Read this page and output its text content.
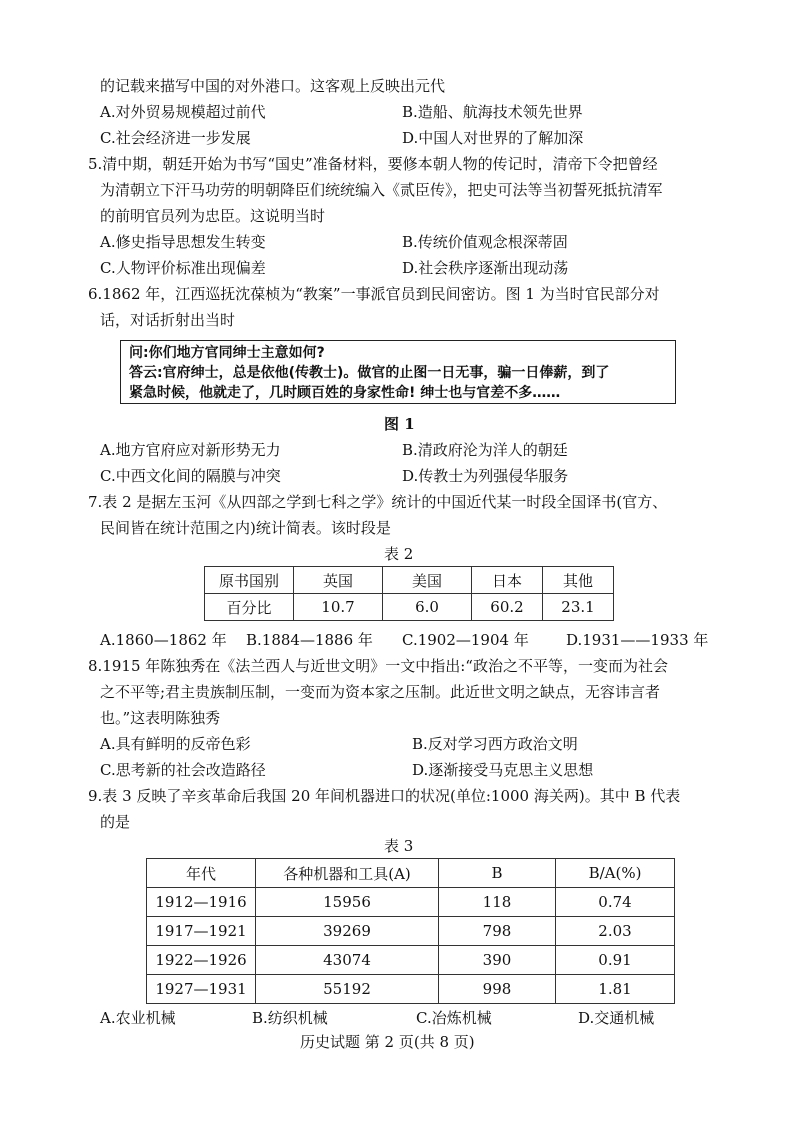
的记载来描写中国的对外港口。这客观上反映出元代
A.对外贸易规模超过前代	B.造船、航海技术领先世界
C.社会经济进一步发展	D.中国人对世界的了解加深
5.清中期，朝廷开始为书写“国史”准备材料，要修本朝人物的传记时，清帝下令把曾经
为清朝立下汗马功劳的明朝降臣们统统编入《贰臣传》，把史可法等当初誓死抵抗清军
的前明官员列为忠臣。这说明当时
A.修史指导思想发生转变	B.传统价值观念根深蒂固
C.人物评价标准出现偏差	D.社会秩序逐渐出现动荡
6.1862 年，江西巡抚沈葆桢为“教案”一事派官员到民间密访。图 1 为当时官民部分对
话，对话折射出当时
问:你们地方官同绅士主意如何?
答云:官府绅士，总是依他(传教士)。做官的止图一日无事，骗一日俸薪，到了
紧急时候，他就走了，几时顾百姓的身家性命! 绅士也与官差不多……
图 1
A.地方官府应对新形势无力	B.清政府沦为洋人的朝廷
C.中西文化间的隔膜与冲突	D.传教士为列强侵华服务
7.表 2 是据左玉河《从四部之学到七科之学》统计的中国近代某一时段全国译书(官方、
民间皆在统计范围之内)统计简表。该时段是
表 2
原书国别	英国	美国	日本	其他
百分比	10.7	6.0	60.2	23.1
A.1860—1862 年 B.1884—1886 年 C.1902—1904 年 D.1931——1933 年
8.1915 年陈独秀在《法兰西人与近世文明》一文中指出:“政治之不平等，一变而为社会
之不平等;君主贵族制压制，一变而为资本家之压制。此近世文明之缺点，无容讳言者
也。”这表明陈独秀
A.具有鲜明的反帝色彩	B.反对学习西方政治文明
C.思考新的社会改造路径	D.逐渐接受马克思主义思想
9.表 3 反映了辛亥革命后我国 20 年间机器进口的状况(单位:1000 海关两)。其中 B 代表
的是
表 3
年代	各种机器和工具(A)	B	B/A(%)
1912—1916	15956	118	0.74
1917—1921	39269	798	2.03
1922—1926	43074	390	0.91
1927—1931	55192	998	1.81
A.农业机械	B.纺织机械	C.冶炼机械	D.交通机械
历史试题 第 2 页(共 8 页)
